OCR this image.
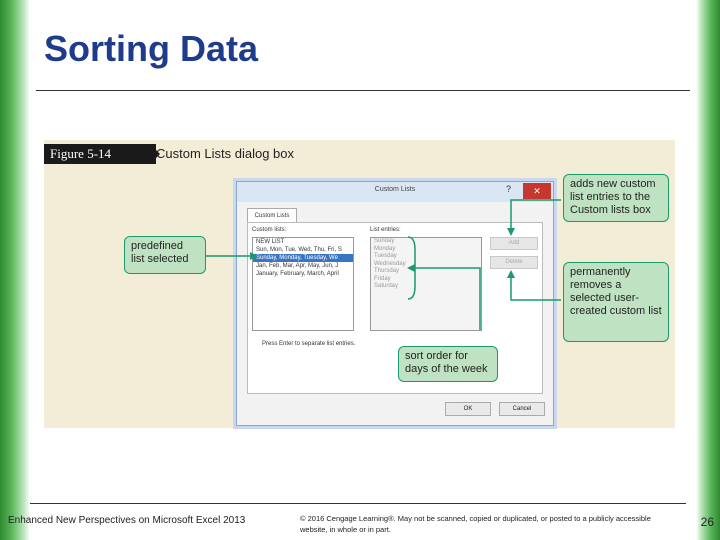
Sorting Data
Figure 5-14	Custom Lists dialog box
Custom Lists	?	✕
Custom Lists
Custom lists:
NEW LIST
Sun, Mon, Tue, Wed, Thu, Fri, S
Sunday, Monday, Tuesday, We
Jan, Feb, Mar, Apr, May, Jun, J
January, February, March, April
List entries:
Sunday
Monday
Tuesday
Wednesday
Thursday
Friday
Saturday
Add
Delete
Press Enter to separate list entries.
OK	Cancel
predefined list selected
adds new custom list entries to the Custom lists box
permanently removes a selected user-created custom list
sort order for days of the week
Enhanced New Perspectives on Microsoft Excel 2013	© 2016 Cengage Learning®. May not be scanned, copied or duplicated, or posted to a publicly accessible website, in whole or in part.
26
